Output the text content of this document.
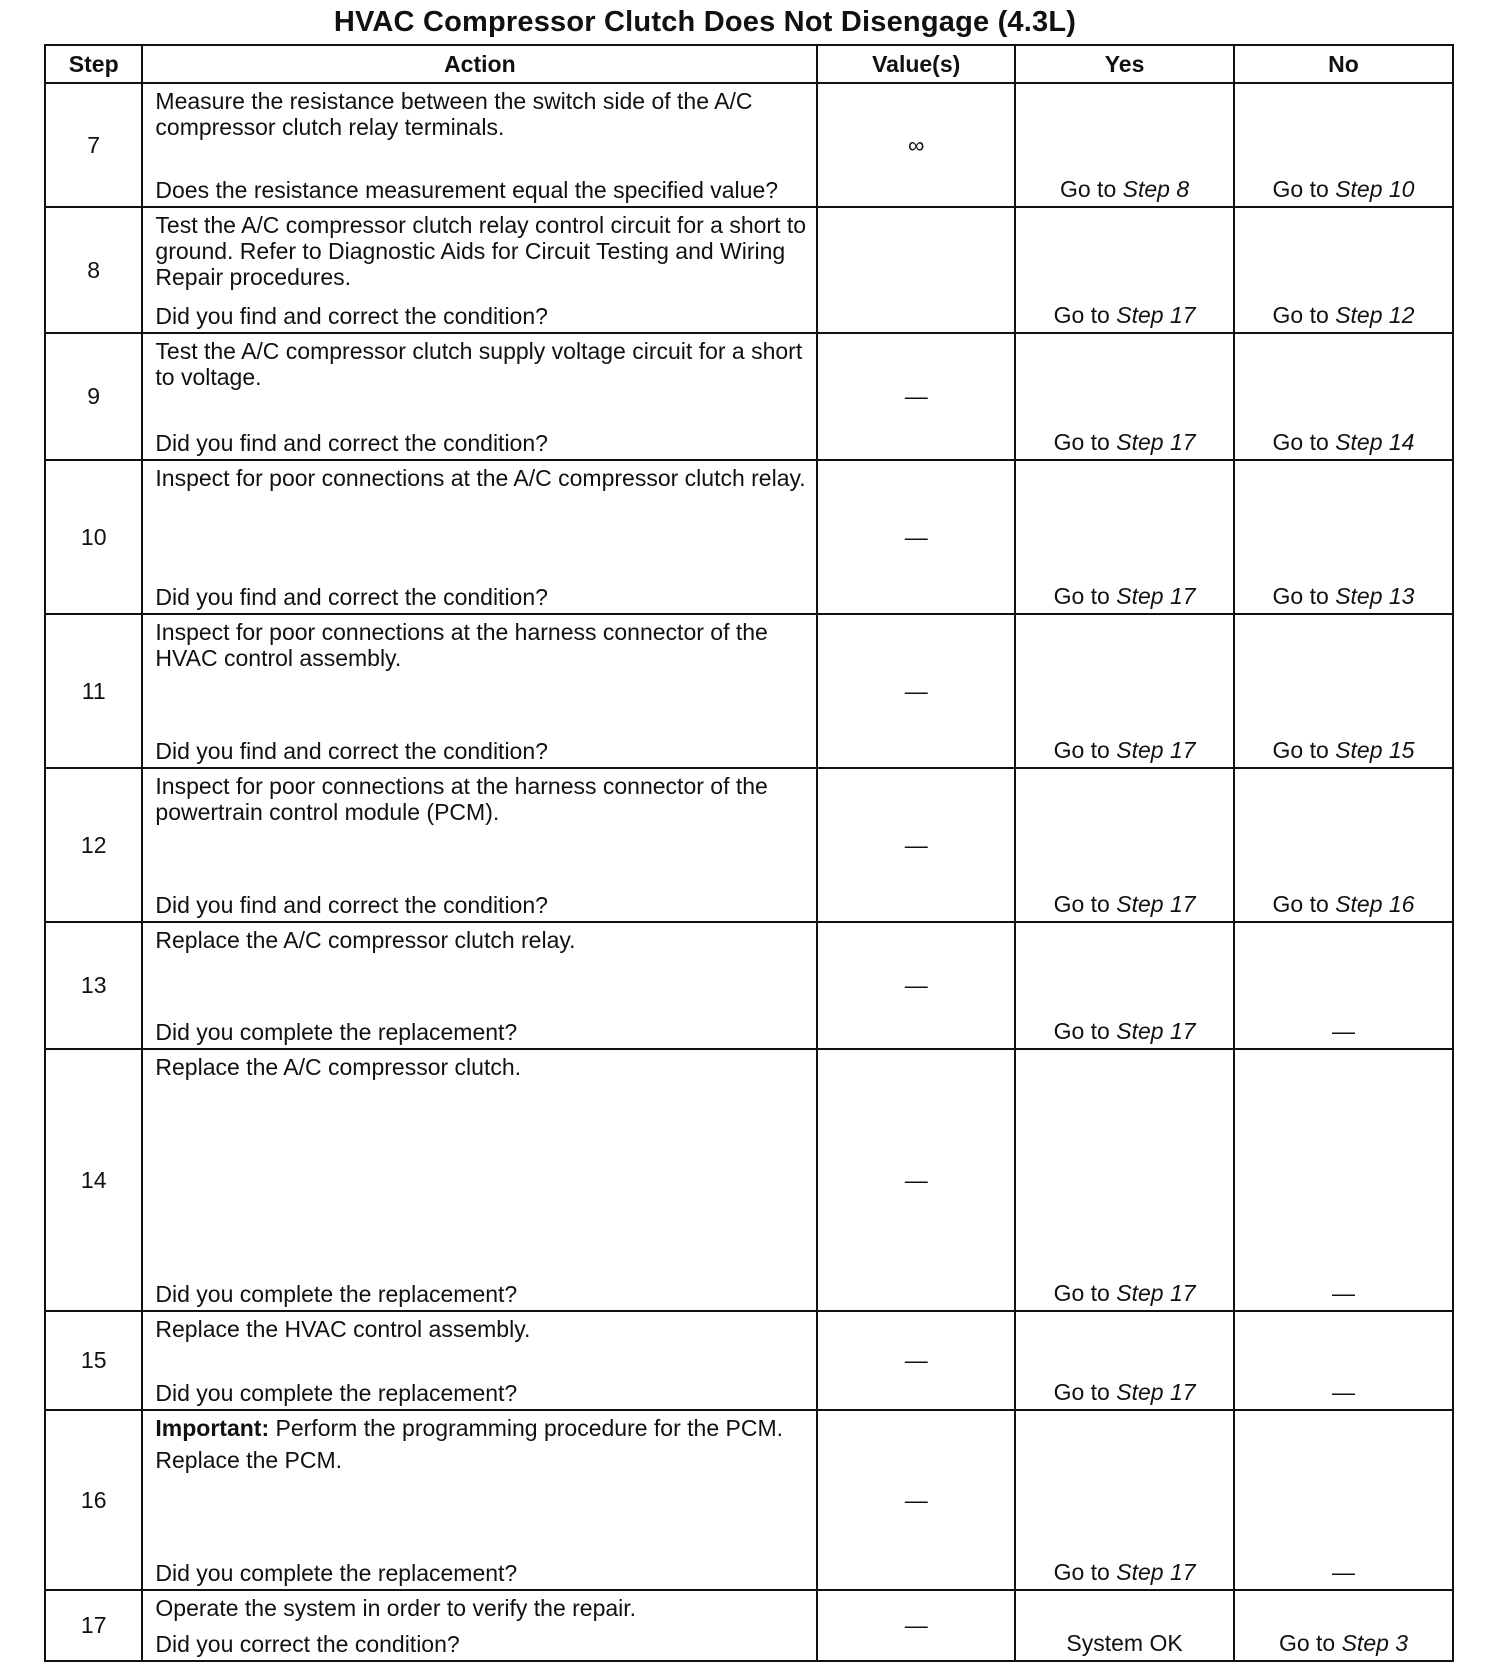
HVAC Compressor Clutch Does Not Disengage (4.3L)
Step	Action	Value(s)	Yes	No
7	Measure the resistance between the switch side of the A/C compressor clutch relay terminals.

Does the resistance measurement equal the specified value?	∞	Go to Step 8	Go to Step 10
8	Test the A/C compressor clutch relay control circuit for a short to ground. Refer to Diagnostic Aids for Circuit Testing and Wiring Repair procedures.

Did you find and correct the condition?		Go to Step 17	Go to Step 12
9	Test the A/C compressor clutch supply voltage circuit for a short to voltage.

Did you find and correct the condition?	—	Go to Step 17	Go to Step 14
10	Inspect for poor connections at the A/C compressor clutch relay.

Did you find and correct the condition?	—	Go to Step 17	Go to Step 13
11	Inspect for poor connections at the harness connector of the HVAC control assembly.

Did you find and correct the condition?	—	Go to Step 17	Go to Step 15
12	Inspect for poor connections at the harness connector of the powertrain control module (PCM).

Did you find and correct the condition?	—	Go to Step 17	Go to Step 16
13	Replace the A/C compressor clutch relay.

Did you complete the replacement?	—	Go to Step 17	—
14	Replace the A/C compressor clutch.

Did you complete the replacement?	—	Go to Step 17	—
15	Replace the HVAC control assembly.

Did you complete the replacement?	—	Go to Step 17	—
16	Important: Perform the programming procedure for the PCM.

Replace the PCM.

Did you complete the replacement?	—	Go to Step 17	—
17	Operate the system in order to verify the repair.

Did you correct the condition?	—	System OK	Go to Step 3
